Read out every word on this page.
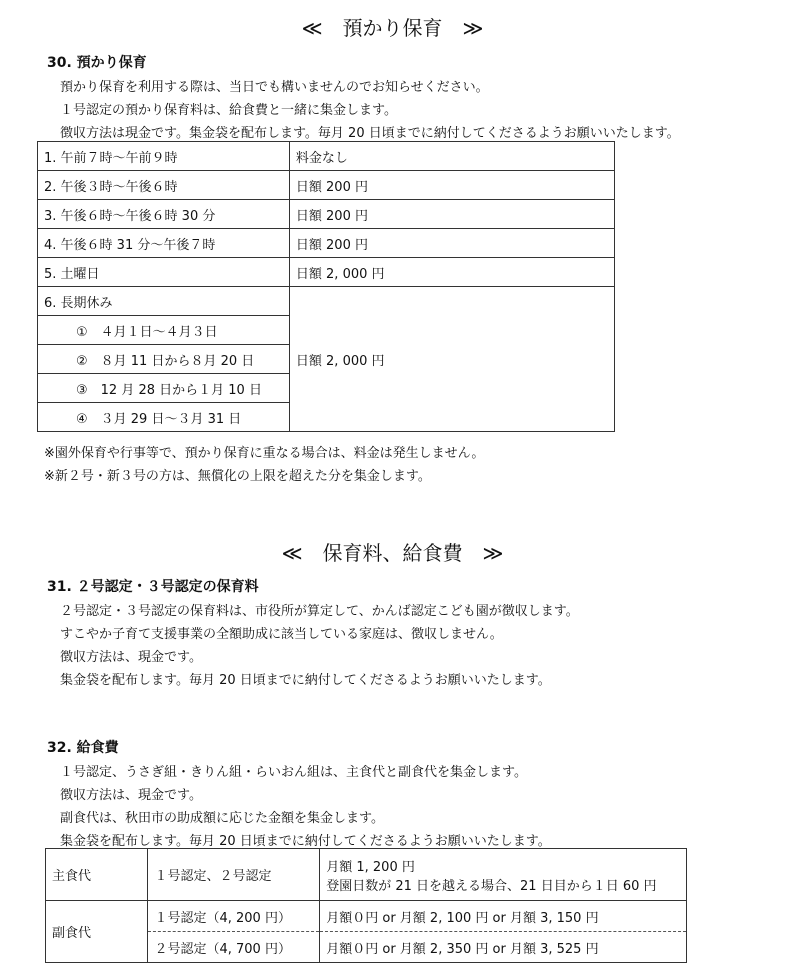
≪　預かり保育　≫
30. 預かり保育
預かり保育を利用する際は、当日でも構いませんのでお知らせください。
１号認定の預かり保育料は、給食費と一緒に集金します。
徴収方法は現金です。集金袋を配布します。毎月 20 日頃までに納付してくださるようお願いいたします。
1. 午前７時～午前９時	料金なし
2. 午後３時～午後６時	日額 200 円
3. 午後６時～午後６時 30 分	日額 200 円
4. 午後６時 31 分～午後７時	日額 200 円
5. 土曜日	日額 2, 000 円
6. 長期休み	日額 2, 000 円
①　４月１日～４月３日	
②　８月 11 日から８月 20 日	
③　12 月 28 日から１月 10 日	
④　３月 29 日～３月 31 日	
※園外保育や行事等で、預かり保育に重なる場合は、料金は発生しません。
※新２号・新３号の方は、無償化の上限を超えた分を集金します。
≪　保育料、給食費　≫
31. ２号認定・３号認定の保育料
２号認定・３号認定の保育料は、市役所が算定して、かんば認定こども園が徴収します。
すこやか子育て支援事業の全額助成に該当している家庭は、徴収しません。
徴収方法は、現金です。
集金袋を配布します。毎月 20 日頃までに納付してくださるようお願いいたします。
32. 給食費
１号認定、うさぎ組・きりん組・らいおん組は、主食代と副食代を集金します。
徴収方法は、現金です。
副食代は、秋田市の助成額に応じた金額を集金します。
集金袋を配布します。毎月 20 日頃までに納付してくださるようお願いいたします。
主食代	１号認定、２号認定	月額 1, 200 円
登園日数が 21 日を越える場合、21 日目から１日 60 円

副食代	１号認定（4, 200 円）	月額０円 or 月額 2, 100 円 or 月額 3, 150 円
	２号認定（4, 700 円）	月額０円 or 月額 2, 350 円 or 月額 3, 525 円
